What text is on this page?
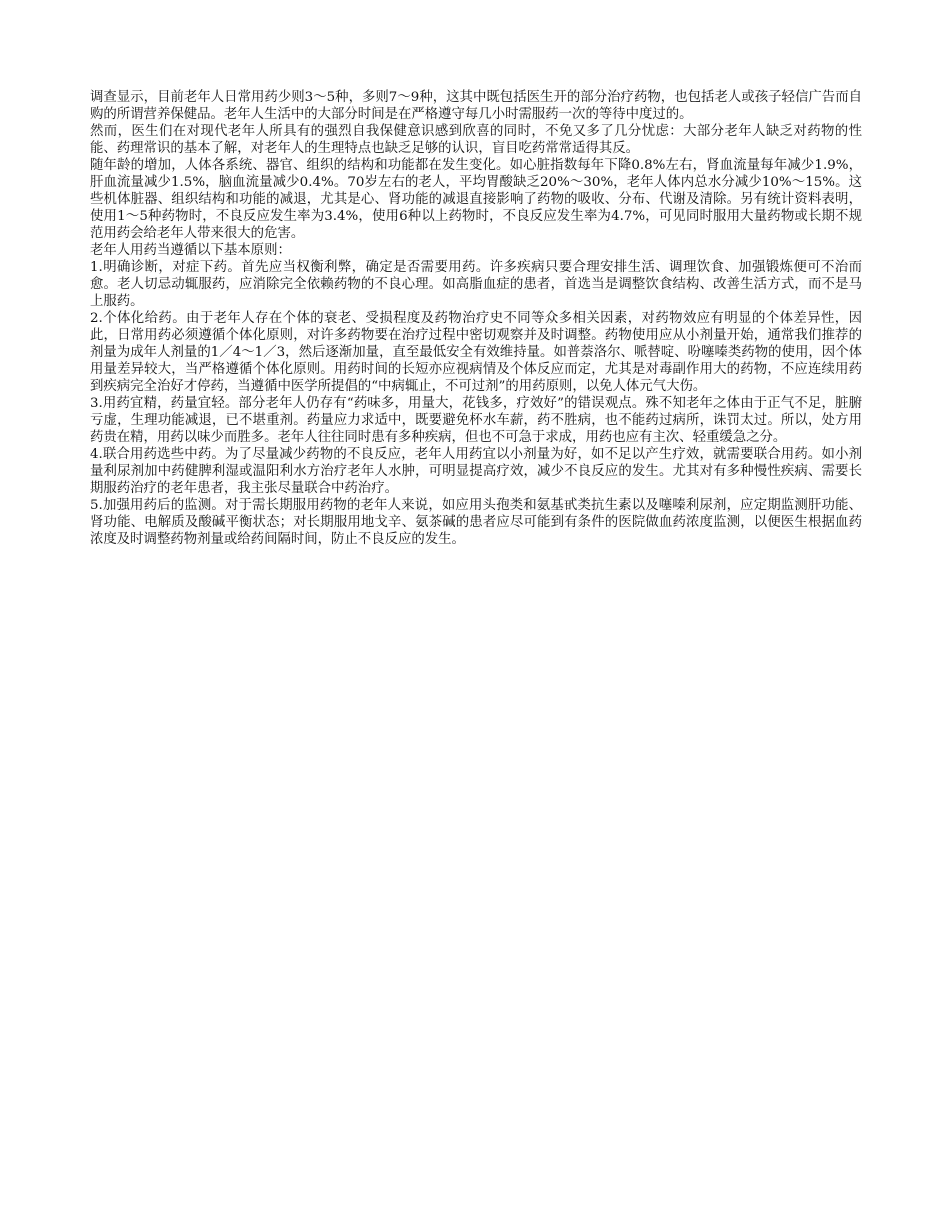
调查显示，目前老年人日常用药少则3～5种，多则7～9种，这其中既包括医生开的部分治疗药物，也包括老人或孩子轻信广告而自购的所谓营养保健品。老年人生活中的大部分时间是在严格遵守每几小时需服药一次的等待中度过的。

然而，医生们在对现代老年人所具有的强烈自我保健意识感到欣喜的同时，不免又多了几分忧虑：大部分老年人缺乏对药物的性能、药理常识的基本了解，对老年人的生理特点也缺乏足够的认识，盲目吃药常常适得其反。

随年龄的增加，人体各系统、器官、组织的结构和功能都在发生变化。如心脏指数每年下降0.8%左右，肾血流量每年减少1.9%，肝血流量减少1.5%，脑血流量减少0.4%。70岁左右的老人，平均胃酸缺乏20%～30%，老年人体内总水分减少10%～15%。这些机体脏器、组织结构和功能的减退，尤其是心、肾功能的减退直接影响了药物的吸收、分布、代谢及清除。另有统计资料表明，使用1～5种药物时，不良反应发生率为3.4%，使用6种以上药物时，不良反应发生率为4.7%，可见同时服用大量药物或长期不规范用药会给老年人带来很大的危害。

老年人用药当遵循以下基本原则：

1.明确诊断，对症下药。首先应当权衡利弊，确定是否需要用药。许多疾病只要合理安排生活、调理饮食、加强锻炼便可不治而愈。老人切忌动辄服药，应消除完全依赖药物的不良心理。如高脂血症的患者，首选当是调整饮食结构、改善生活方式，而不是马上服药。

2.个体化给药。由于老年人存在个体的衰老、受损程度及药物治疗史不同等众多相关因素，对药物效应有明显的个体差异性，因此，日常用药必须遵循个体化原则，对许多药物要在治疗过程中密切观察并及时调整。药物使用应从小剂量开始，通常我们推荐的剂量为成年人剂量的1／4～1／3，然后逐渐加量，直至最低安全有效维持量。如普萘洛尔、哌替啶、吩噻嗪类药物的使用，因个体用量差异较大，当严格遵循个体化原则。用药时间的长短亦应视病情及个体反应而定，尤其是对毒副作用大的药物，不应连续用药到疾病完全治好才停药，当遵循中医学所提倡的“中病辄止，不可过剂”的用药原则，以免人体元气大伤。

3.用药宜精，药量宜轻。部分老年人仍存有“药味多，用量大，花钱多，疗效好”的错误观点。殊不知老年之体由于正气不足，脏腑亏虚，生理功能减退，已不堪重剂。药量应力求适中，既要避免杯水车薪，药不胜病，也不能药过病所，诛罚太过。所以，处方用药贵在精，用药以味少而胜多。老年人往往同时患有多种疾病，但也不可急于求成，用药也应有主次、轻重缓急之分。

4.联合用药选些中药。为了尽量减少药物的不良反应，老年人用药宜以小剂量为好，如不足以产生疗效，就需要联合用药。如小剂量利尿剂加中药健脾利湿或温阳利水方治疗老年人水肿，可明显提高疗效，减少不良反应的发生。尤其对有多种慢性疾病、需要长期服药治疗的老年患者，我主张尽量联合中药治疗。

5.加强用药后的监测。对于需长期服用药物的老年人来说，如应用头孢类和氨基甙类抗生素以及噻嗪利尿剂，应定期监测肝功能、肾功能、电解质及酸碱平衡状态；对长期服用地戈辛、氨茶碱的患者应尽可能到有条件的医院做血药浓度监测，以便医生根据血药浓度及时调整药物剂量或给药间隔时间，防止不良反应的发生。
